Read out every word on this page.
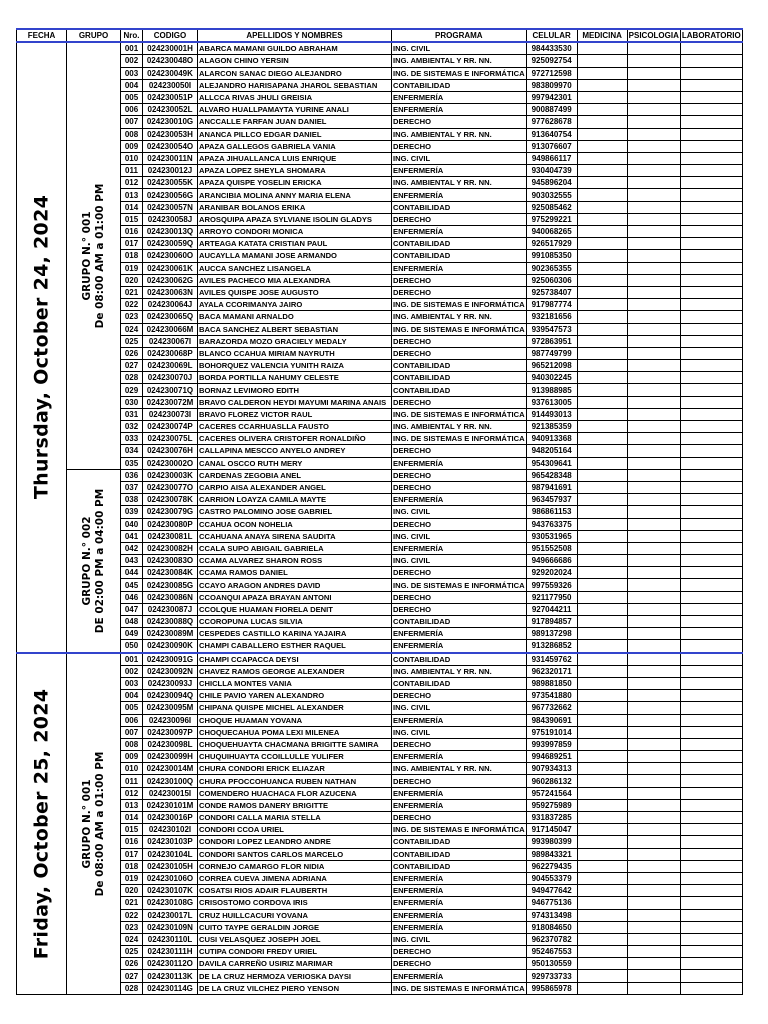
FECHA	GRUPO	Nro.	CODIGO	APELLIDOS Y NOMBRES	PROGRAMA	CELULAR	MEDICINA	PSICOLOGIA	LABORATORIO

Thursday, October 24, 2024	GRUPO N.° 001 De 08:00 AM a 01:00 PM	001	024230001H	ABARCA MAMANI GUILDO ABRAHAM	ING. CIVIL	984433530			
		002	024230048O	ALAGON CHINO YERSIN	ING. AMBIENTAL Y RR. NN.	925092754			
		003	024230049K	ALARCON SANAC DIEGO ALEJANDRO	ING. DE SISTEMAS E INFORMÁTICA	972712598			
		004	024230050I	ALEJANDRO HARISAPANA JHAROL SEBASTIAN	CONTABILIDAD	983809970			
		005	024230051P	ALLCCA RIVAS JHULI GREISIA	ENFERMERÍA	997942301			
		006	024230052L	ALVARO HUALLPAMAYTA YURINE ANALI	ENFERMERÍA	900887499			
		007	024230010G	ANCCALLE FARFAN JUAN DANIEL	DERECHO	977628678			
		008	024230053H	ANANCA PILLCO EDGAR DANIEL	ING. AMBIENTAL Y RR. NN.	913640754			
		009	024230054O	APAZA GALLEGOS GABRIELA VANIA	DERECHO	913076607			
		010	024230011N	APAZA JIHUALLANCA LUIS ENRIQUE	ING. CIVIL	949866117			
		011	024230012J	APAZA LOPEZ SHEYLA SHOMARA	ENFERMERÍA	930404739			
		012	024230055K	APAZA QUISPE YOSELIN ERICKA	ING. AMBIENTAL Y RR. NN.	945896204			
		013	024230056G	ARANCIBIA MOLINA ANNY MARIA ELENA	ENFERMERÍA	903032555			
		014	024230057N	ARANIBAR BOLANOS ERIKA	CONTABILIDAD	925085462			
		015	024230058J	AROSQUIPA APAZA SYLVIANE ISOLIN GLADYS	DERECHO	975299221			
		016	024230013Q	ARROYO CONDORI MONICA	ENFERMERÍA	940068265			
		017	024230059Q	ARTEAGA KATATA CRISTIAN PAUL	CONTABILIDAD	926517929			
		018	024230060O	AUCAYLLA MAMANI JOSE ARMANDO	CONTABILIDAD	991085350			
		019	024230061K	AUCCA SANCHEZ LISANGELA	ENFERMERÍA	902365355			
		020	024230062G	AVILES PACHECO MIA ALEXANDRA	DERECHO	925060306			
		021	024230063N	AVILES QUISPE JOSE AUGUSTO	DERECHO	925738407			
		022	024230064J	AYALA CCORIMANYA JAIRO	ING. DE SISTEMAS E INFORMÁTICA	917987774			
		023	024230065Q	BACA MAMANI ARNALDO	ING. AMBIENTAL Y RR. NN.	932181656			
		024	024230066M	BACA SANCHEZ ALBERT SEBASTIAN	ING. DE SISTEMAS E INFORMÁTICA	939547573			
		025	024230067I	BARAZORDA MOZO GRACIELY MEDALY	DERECHO	972863951			
		026	024230068P	BLANCO CCAHUA MIRIAM NAYRUTH	DERECHO	987749799			
		027	024230069L	BOHORQUEZ VALENCIA YUNITH RAIZA	CONTABILIDAD	965212098			
		028	024230070J	BORDA PORTILLA NAHUMY CELESTE	CONTABILIDAD	940302245			
		029	024230071Q	BORNAZ LEVIMORO EDITH	CONTABILIDAD	913988985			
		030	024230072M	BRAVO CALDERON HEYDI MAYUMI MARINA ANAIS	DERECHO	937613005			
		031	024230073I	BRAVO FLOREZ VICTOR RAUL	ING. DE SISTEMAS E INFORMÁTICA	914493013			
		032	024230074P	CACERES CCARHUASLLA FAUSTO	ING. AMBIENTAL Y RR. NN.	921385359			
		033	024230075L	CACERES OLIVERA CRISTOFER RONALDIÑO	ING. DE SISTEMAS E INFORMÁTICA	940913368			
		034	024230076H	CALLAPINA MESCCO ANYELO ANDREY	DERECHO	948205164			
		035	024230002O	CANAL OSCCO RUTH MERY	ENFERMERÍA	954309641			

	GRUPO N.° 002 DE 02:00 PM a 04:00 PM	036	024230003K	CARDENAS ZEGOBIA ANEL	DERECHO	965428348			
		037	024230077O	CARPIO AISA ALEXANDER ANGEL	DERECHO	987941691			
		038	024230078K	CARRION LOAYZA CAMILA MAYTE	ENFERMERÍA	963457937			
		039	024230079G	CASTRO PALOMINO JOSE GABRIEL	ING. CIVIL	986861153			
		040	024230080P	CCAHUA OCON NOHELIA	DERECHO	943763375			
		041	024230081L	CCAHUANA ANAYA SIRENA SAUDITA	ING. CIVIL	930531965			
		042	024230082H	CCALA SUPO ABIGAIL GABRIELA	ENFERMERÍA	951552508			
		043	024230083O	CCAMA ALVAREZ SHARON ROSS	ING. CIVIL	949666686			
		044	024230084K	CCAMA RAMOS DANIEL	DERECHO	929202024			
		045	024230085G	CCAYO ARAGON ANDRES DAVID	ING. DE SISTEMAS E INFORMÁTICA	997559326			
		046	024230086N	CCOANQUI APAZA BRAYAN ANTONI	DERECHO	921177950			
		047	024230087J	CCOLQUE HUAMAN FIORELA DENIT	DERECHO	927044211			
		048	024230088Q	CCOROPUNA LUCAS SILVIA	CONTABILIDAD	917894857			
		049	024230089M	CESPEDES CASTILLO KARINA YAJAIRA	ENFERMERÍA	989137298			
		050	024230090K	CHAMPI CABALLERO ESTHER RAQUEL	ENFERMERÍA	913286852			

Friday, October 25, 2024	GRUPO N.° 001 De 08:00 AM a 01:00 PM	001	024230091G	CHAMPI CCAPACCA DEYSI	CONTABILIDAD	931459762			
		002	024230092N	CHAVEZ RAMOS GEORGE ALEXANDER	ING. AMBIENTAL Y RR. NN.	962320171			
		003	024230093J	CHICLLA MONTES VANIA	CONTABILIDAD	989881850			
		004	024230094Q	CHILE PAVIO YAREN ALEXANDRO	DERECHO	973541880			
		005	024230095M	CHIPANA QUISPE MICHEL ALEXANDER	ING. CIVIL	967732662			
		006	024230096I	CHOQUE HUAMAN YOVANA	ENFERMERÍA	984390691			
		007	024230097P	CHOQUECAHUA POMA LEXI MILENEA	ING. CIVIL	975191014			
		008	024230098L	CHOQUEHUAYTA CHACMANA BRIGITTE SAMIRA	DERECHO	993997859			
		009	024230099H	CHUQUIHUAYTA CCOILLULLE YULIFER	ENFERMERÍA	994689251			
		010	024230014M	CHURA CONDORI ERICK ELIAZAR	ING. AMBIENTAL Y RR. NN.	907934313			
		011	024230100Q	CHURA PFOCCOHUANCA RUBEN NATHAN	DERECHO	960286132			
		012	024230015I	COMENDERO HUACHACA FLOR AZUCENA	ENFERMERÍA	957241564			
		013	024230101M	CONDE RAMOS DANERY BRIGITTE	ENFERMERÍA	959275989			
		014	024230016P	CONDORI CALLA MARIA STELLA	DERECHO	931837285			
		015	024230102I	CONDORI CCOA URIEL	ING. DE SISTEMAS E INFORMÁTICA	917145047			
		016	024230103P	CONDORI LOPEZ LEANDRO ANDRE	CONTABILIDAD	993980399			
		017	024230104L	CONDORI SANTOS CARLOS MARCELO	CONTABILIDAD	989843321			
		018	024230105H	CORNEJO CAMARGO FLOR NIDIA	CONTABILIDAD	962279435			
		019	024230106O	CORREA CUEVA JIMENA ADRIANA	ENFERMERÍA	904553379			
		020	024230107K	COSATSI RIOS ADAIR FLAUBERTH	ENFERMERÍA	949477642			
		021	024230108G	CRISOSTOMO CORDOVA IRIS	ENFERMERÍA	946775136			
		022	024230017L	CRUZ HUILLCACURI YOVANA	ENFERMERÍA	974313498			
		023	024230109N	CUITO TAYPE GERALDIN JORGE	ENFERMERÍA	918084650			
		024	024230110L	CUSI VELASQUEZ JOSEPH JOEL	ING. CIVIL	962370782			
		025	024230111H	CUTIPA CONDORI FREDY URIEL	DERECHO	952467553			
		026	024230112O	DAVILA CARREÑO USIRIZ MARIMAR	DERECHO	950130559			
		027	024230113K	DE LA CRUZ HERMOZA VERIOSKA DAYSI	ENFERMERÍA	929733733			
		028	024230114G	DE LA CRUZ VILCHEZ PIERO YENSON	ING. DE SISTEMAS E INFORMÁTICA	995865978			
